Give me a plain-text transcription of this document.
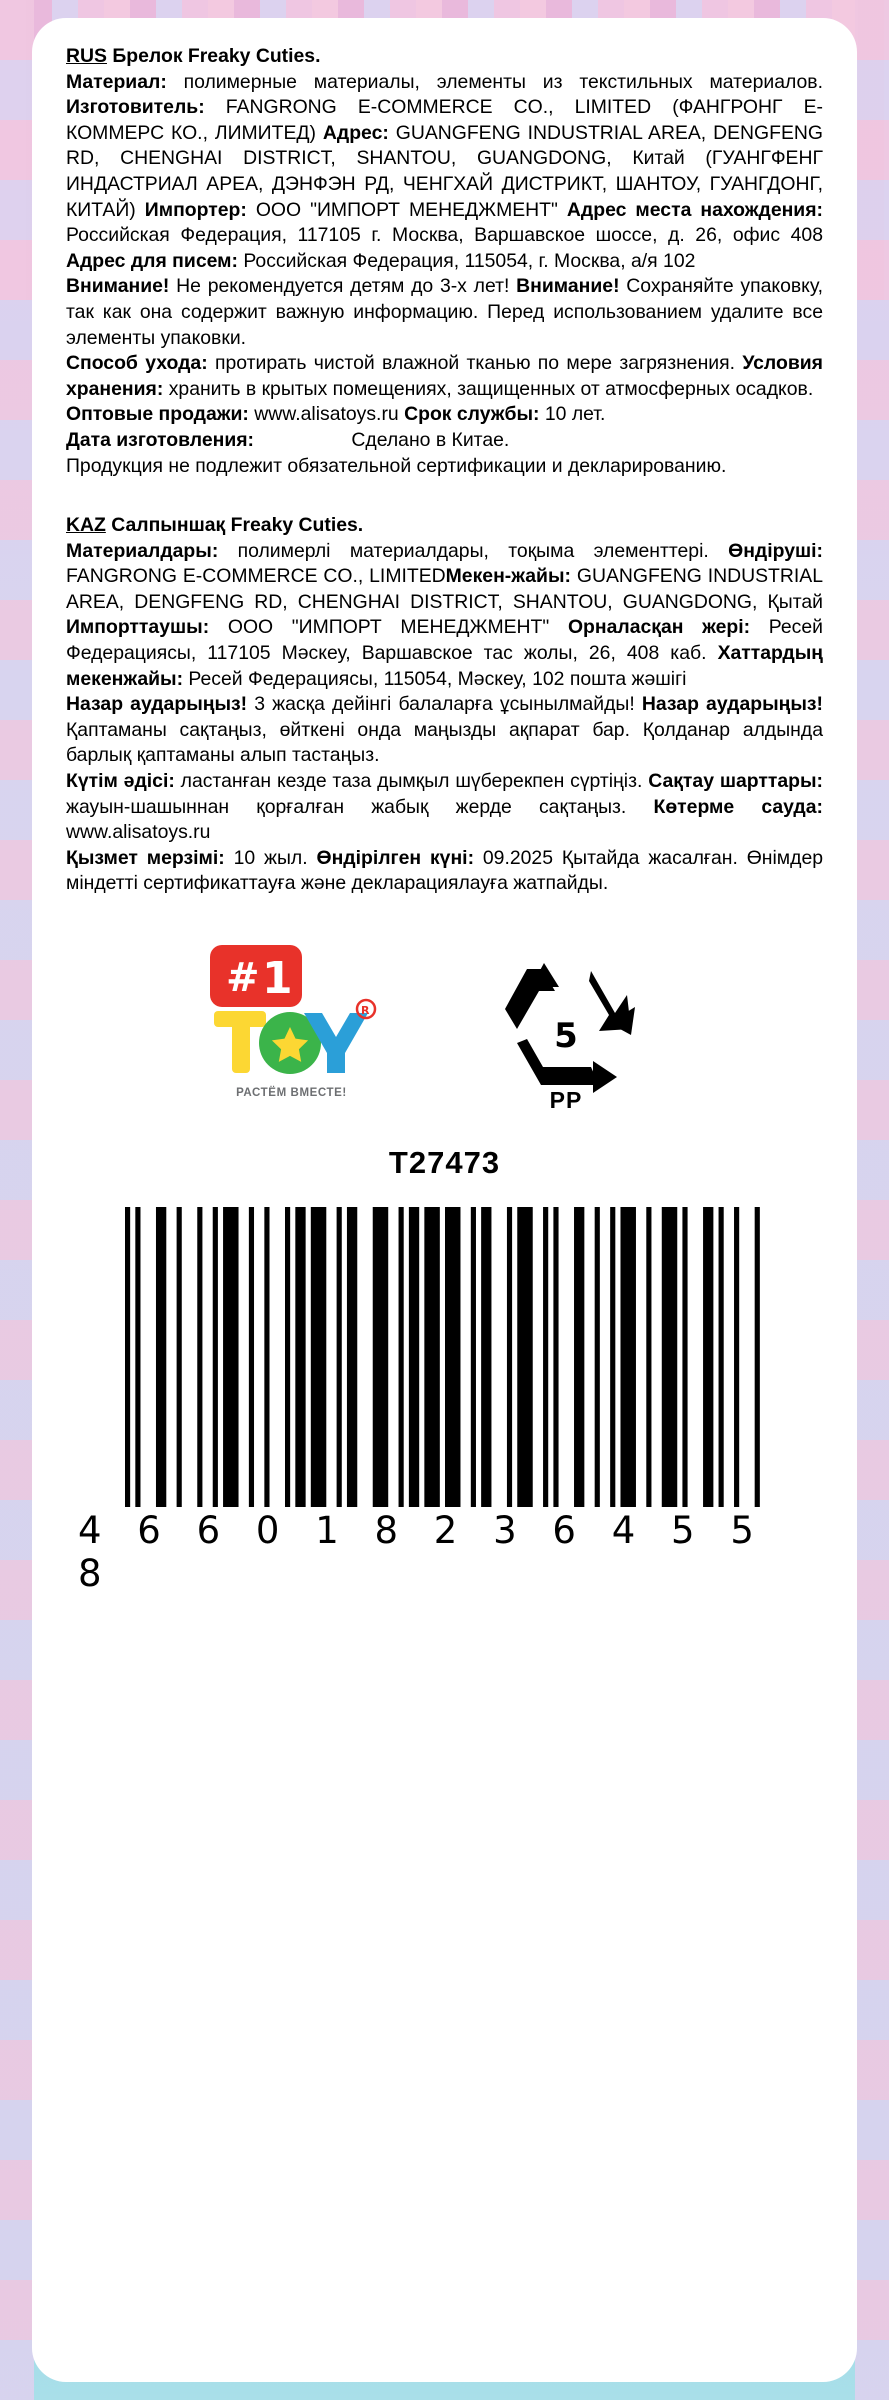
RUS Брелок Freaky Cuties.

Материал: полимерные материалы, элементы из текстильных материалов. Изготовитель: FANGRONG E-COMMERCE CO., LIMITED (ФАНГРОНГ Е-КОММЕРС КО., ЛИМИТЕД) Адрес: GUANGFENG INDUSTRIAL AREA, DENGFENG RD, CHENGHAI DISTRICT, SHANTOU, GUANGDONG, Китай (ГУАНГФЕНГ ИНДАСТРИАЛ АРЕА, ДЭНФЭН РД, ЧЕНГХАЙ ДИСТРИКТ, ШАНТОУ, ГУАНГДОНГ, КИТАЙ) Импортер: ООО "ИМПОРТ МЕНЕДЖМЕНТ" Адрес места нахождения: Российская Федерация, 117105 г. Москва, Варшавское шоссе, д. 26, офис 408 Адрес для писем: Российская Федерация, 115054, г. Москва, а/я 102

Внимание! Не рекомендуется детям до 3-х лет! Внимание! Сохраняйте упаковку, так как она содержит важную информацию. Перед использованием удалите все элементы упаковки.

Способ ухода: протирать чистой влажной тканью по мере загрязнения. Условия хранения: хранить в крытых помещениях, защищенных от атмосферных осадков.

Оптовые продажи: www.alisatoys.ru Срок службы: 10 лет.

Дата изготовления:	Сделано в Китае.

Продукция не подлежит обязательной сертификации и декларированию.

KAZ Салпыншақ Freaky Cuties.

Материалдары: полимерлі материалдары, тоқыма элементтері. Өндіруші: FANGRONG E-COMMERCE CO., LIMITEDМекен-жайы: GUANGFENG INDUSTRIAL AREA, DENGFENG RD, CHENGHAI DISTRICT, SHANTOU, GUANGDONG, Қытай Импорттаушы: ООО "ИМПОРТ МЕНЕДЖМЕНТ" Орналасқан жері: Ресей Федерациясы, 117105 Мәскеу, Варшавское тас жолы, 26, 408 каб. Хаттардың мекенжайы: Ресей Федерациясы, 115054, Мәскеу, 102 пошта жәшігі

Назар аударыңыз! 3 жасқа дейінгі балаларға ұсынылмайды! Назар аударыңыз! Қаптаманы сақтаңыз, өйткені онда маңызды ақпарат бар. Қолданар алдында барлық қаптаманы алып тастаңыз.

Күтім әдісі: ластанған кезде таза дымқыл шүберекпен сүртіңіз. Сақтау шарттары: жауын-шашыннан қорғалған жабық жерде сақтаңыз. Көтерме сауда: www.alisatoys.ru

Қызмет мерзімі: 10 жыл. Өндірілген күні: 09.2025 Қытайда жасалған. Өнімдер міндетті сертификаттауға және декларациялауға жатпайды.

# 1
R
РАСТЁМ ВМЕСТЕ!
5
PP
T27473
4 6 6 0 1 8 2 3 6 4 5 5 8
